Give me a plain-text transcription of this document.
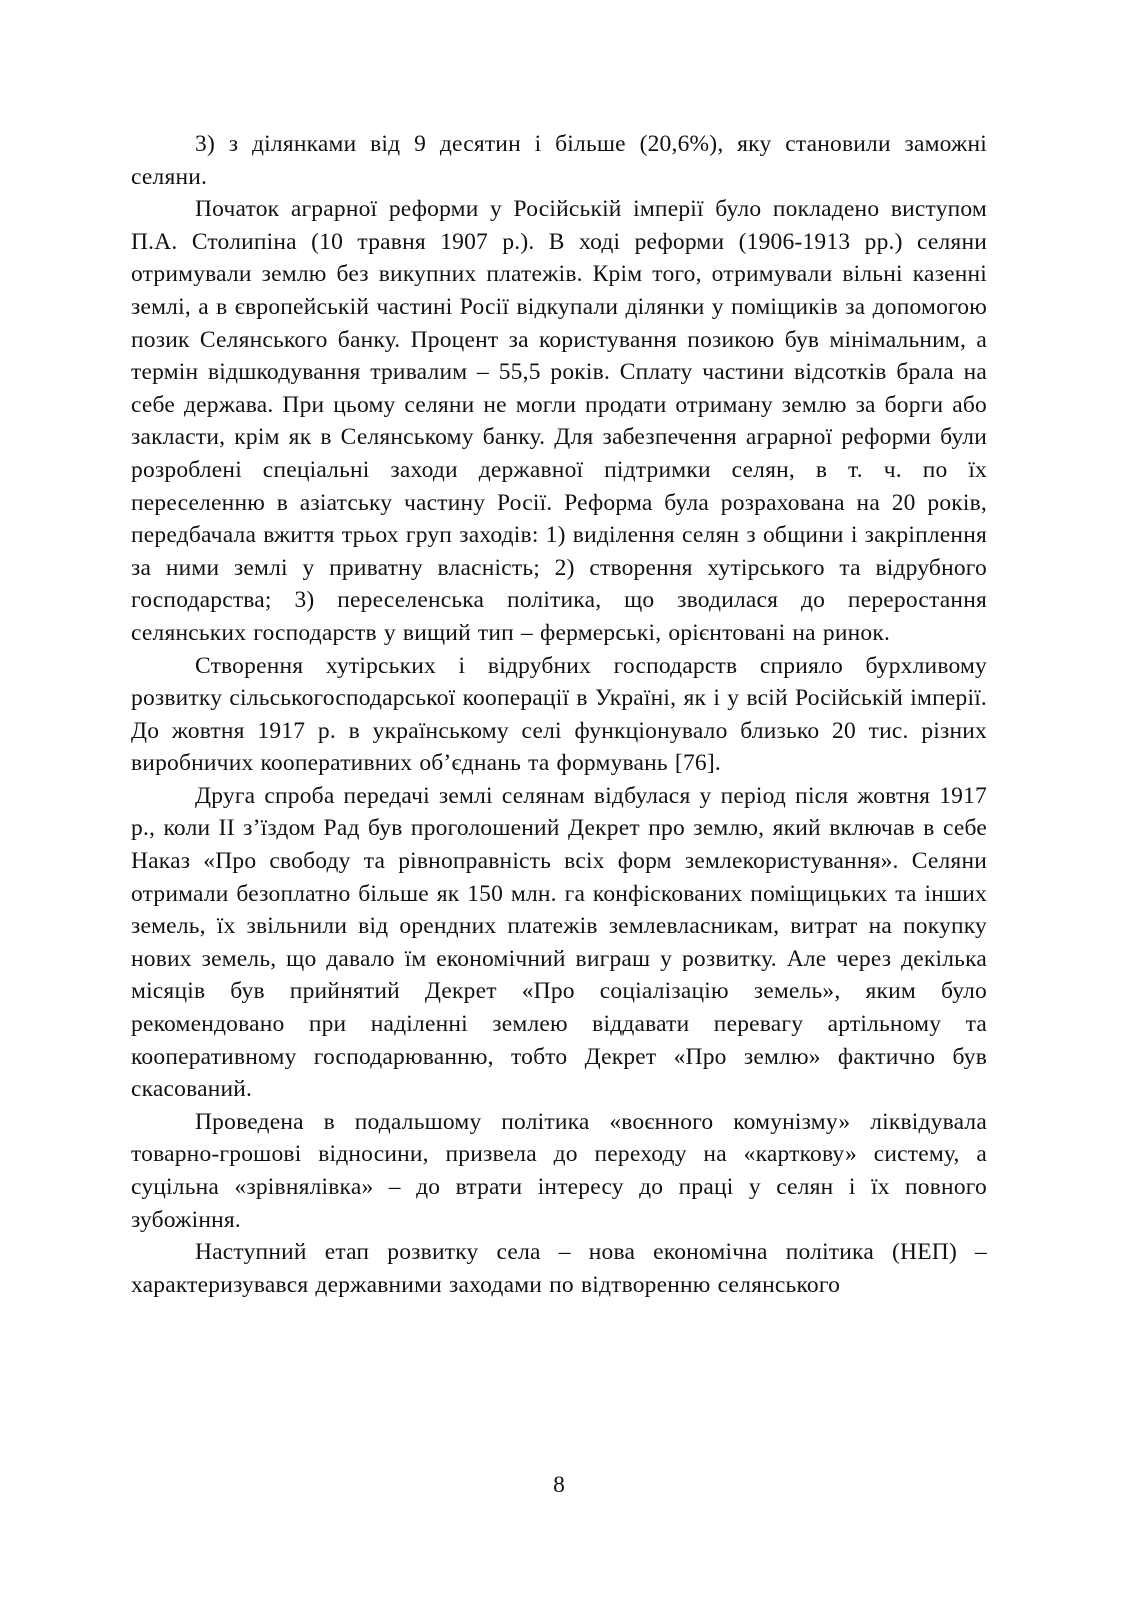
3) з ділянками від 9 десятин і більше (20,6%), яку становили заможні селяни.

Початок аграрної реформи у Російській імперії було покладено виступом П.А. Столипіна (10 травня 1907 р.). В ході реформи (1906-1913 рр.) селяни отримували землю без викупних платежів. Крім того, отримували вільні казенні землі, а в європейській частині Росії відкупали ділянки у поміщиків за допомогою позик Селянського банку. Процент за користування позикою був мінімальним, а термін відшкодування тривалим – 55,5 років. Сплату частини відсотків брала на себе держава. При цьому селяни не могли продати отриману землю за борги або закласти, крім як в Селянському банку. Для забезпечення аграрної реформи були розроблені спеціальні заходи державної підтримки селян, в т. ч. по їх переселенню в азіатську частину Росії. Реформа була розрахована на 20 років, передбачала вжиття трьох груп заходів: 1) виділення селян з общини і закріплення за ними землі у приватну власність; 2) створення хутірського та відрубного господарства; 3) переселенська політика, що зводилася до переростання селянських господарств у вищий тип – фермерські, орієнтовані на ринок.

Створення хутірських і відрубних господарств сприяло бурхливому розвитку сільськогосподарської кооперації в Україні, як і у всій Російській імперії. До жовтня 1917 р. в українському селі функціонувало близько 20 тис. різних виробничих кооперативних об’єднань та формувань [76].

Друга спроба передачі землі селянам відбулася у період після жовтня 1917 р., коли ІІ з’їздом Рад був проголошений Декрет про землю, який включав в себе Наказ «Про свободу та рівноправність всіх форм землекористування». Селяни отримали безоплатно більше як 150 млн. га конфіскованих поміщицьких та інших земель, їх звільнили від орендних платежів землевласникам, витрат на покупку нових земель, що давало їм економічний виграш у розвитку. Але через декілька місяців був прийнятий Декрет «Про соціалізацію земель», яким було рекомендовано при наділенні землею віддавати перевагу артільному та кооперативному господарюванню, тобто Декрет «Про землю» фактично був скасований.

Проведена в подальшому політика «воєнного комунізму» ліквідувала товарно-грошові відносини, призвела до переходу на «карткову» систему, а суцільна «зрівнялівка» – до втрати інтересу до праці у селян і їх повного зубожіння.

Наступний етап розвитку села – нова економічна політика (НЕП) – характеризувався державними заходами по відтворенню селянського

8
